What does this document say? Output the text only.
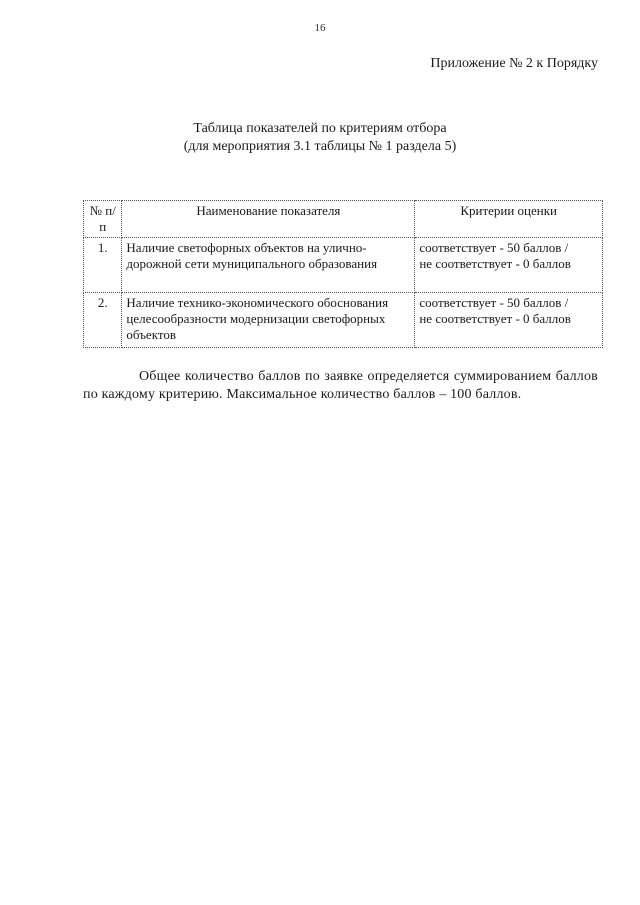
16
Приложение № 2 к Порядку
Таблица показателей по критериям отбора
(для мероприятия 3.1 таблицы № 1 раздела 5)
№ п/п	Наименование показателя	Критерии оценки
1.	Наличие светофорных объектов на улично-дорожной сети муниципального образования	соответствует - 50 баллов /
не соответствует - 0 баллов

2.	Наличие технико-экономического обоснования целесообразности модернизации светофорных объектов	соответствует - 50 баллов /
не соответствует - 0 баллов
Общее количество баллов по заявке определяется суммированием баллов по каждому критерию. Максимальное количество баллов – 100 баллов.
